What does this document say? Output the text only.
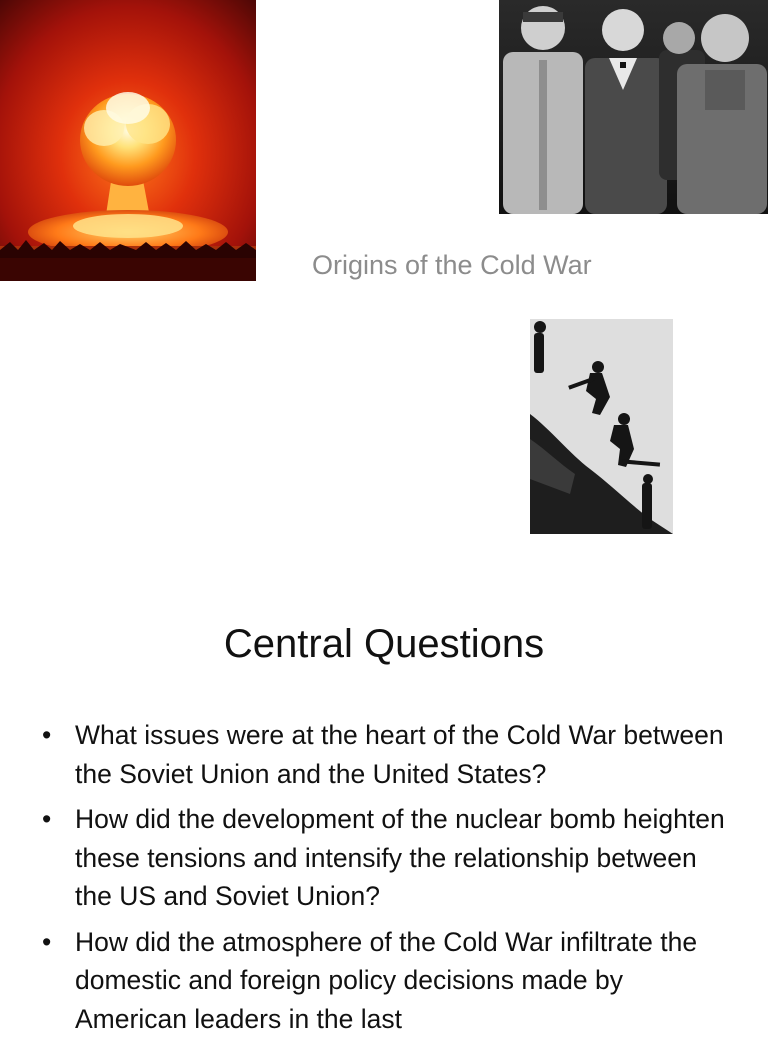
Origins of the Cold War
Central Questions
• What issues were at the heart of the Cold War between the Soviet Union and the United States?
• How did the development of the nuclear bomb heighten these tensions and intensify the relationship between the US and Soviet Union?
• How did the atmosphere of the Cold War infiltrate the domestic and foreign policy decisions made by American leaders in the last
